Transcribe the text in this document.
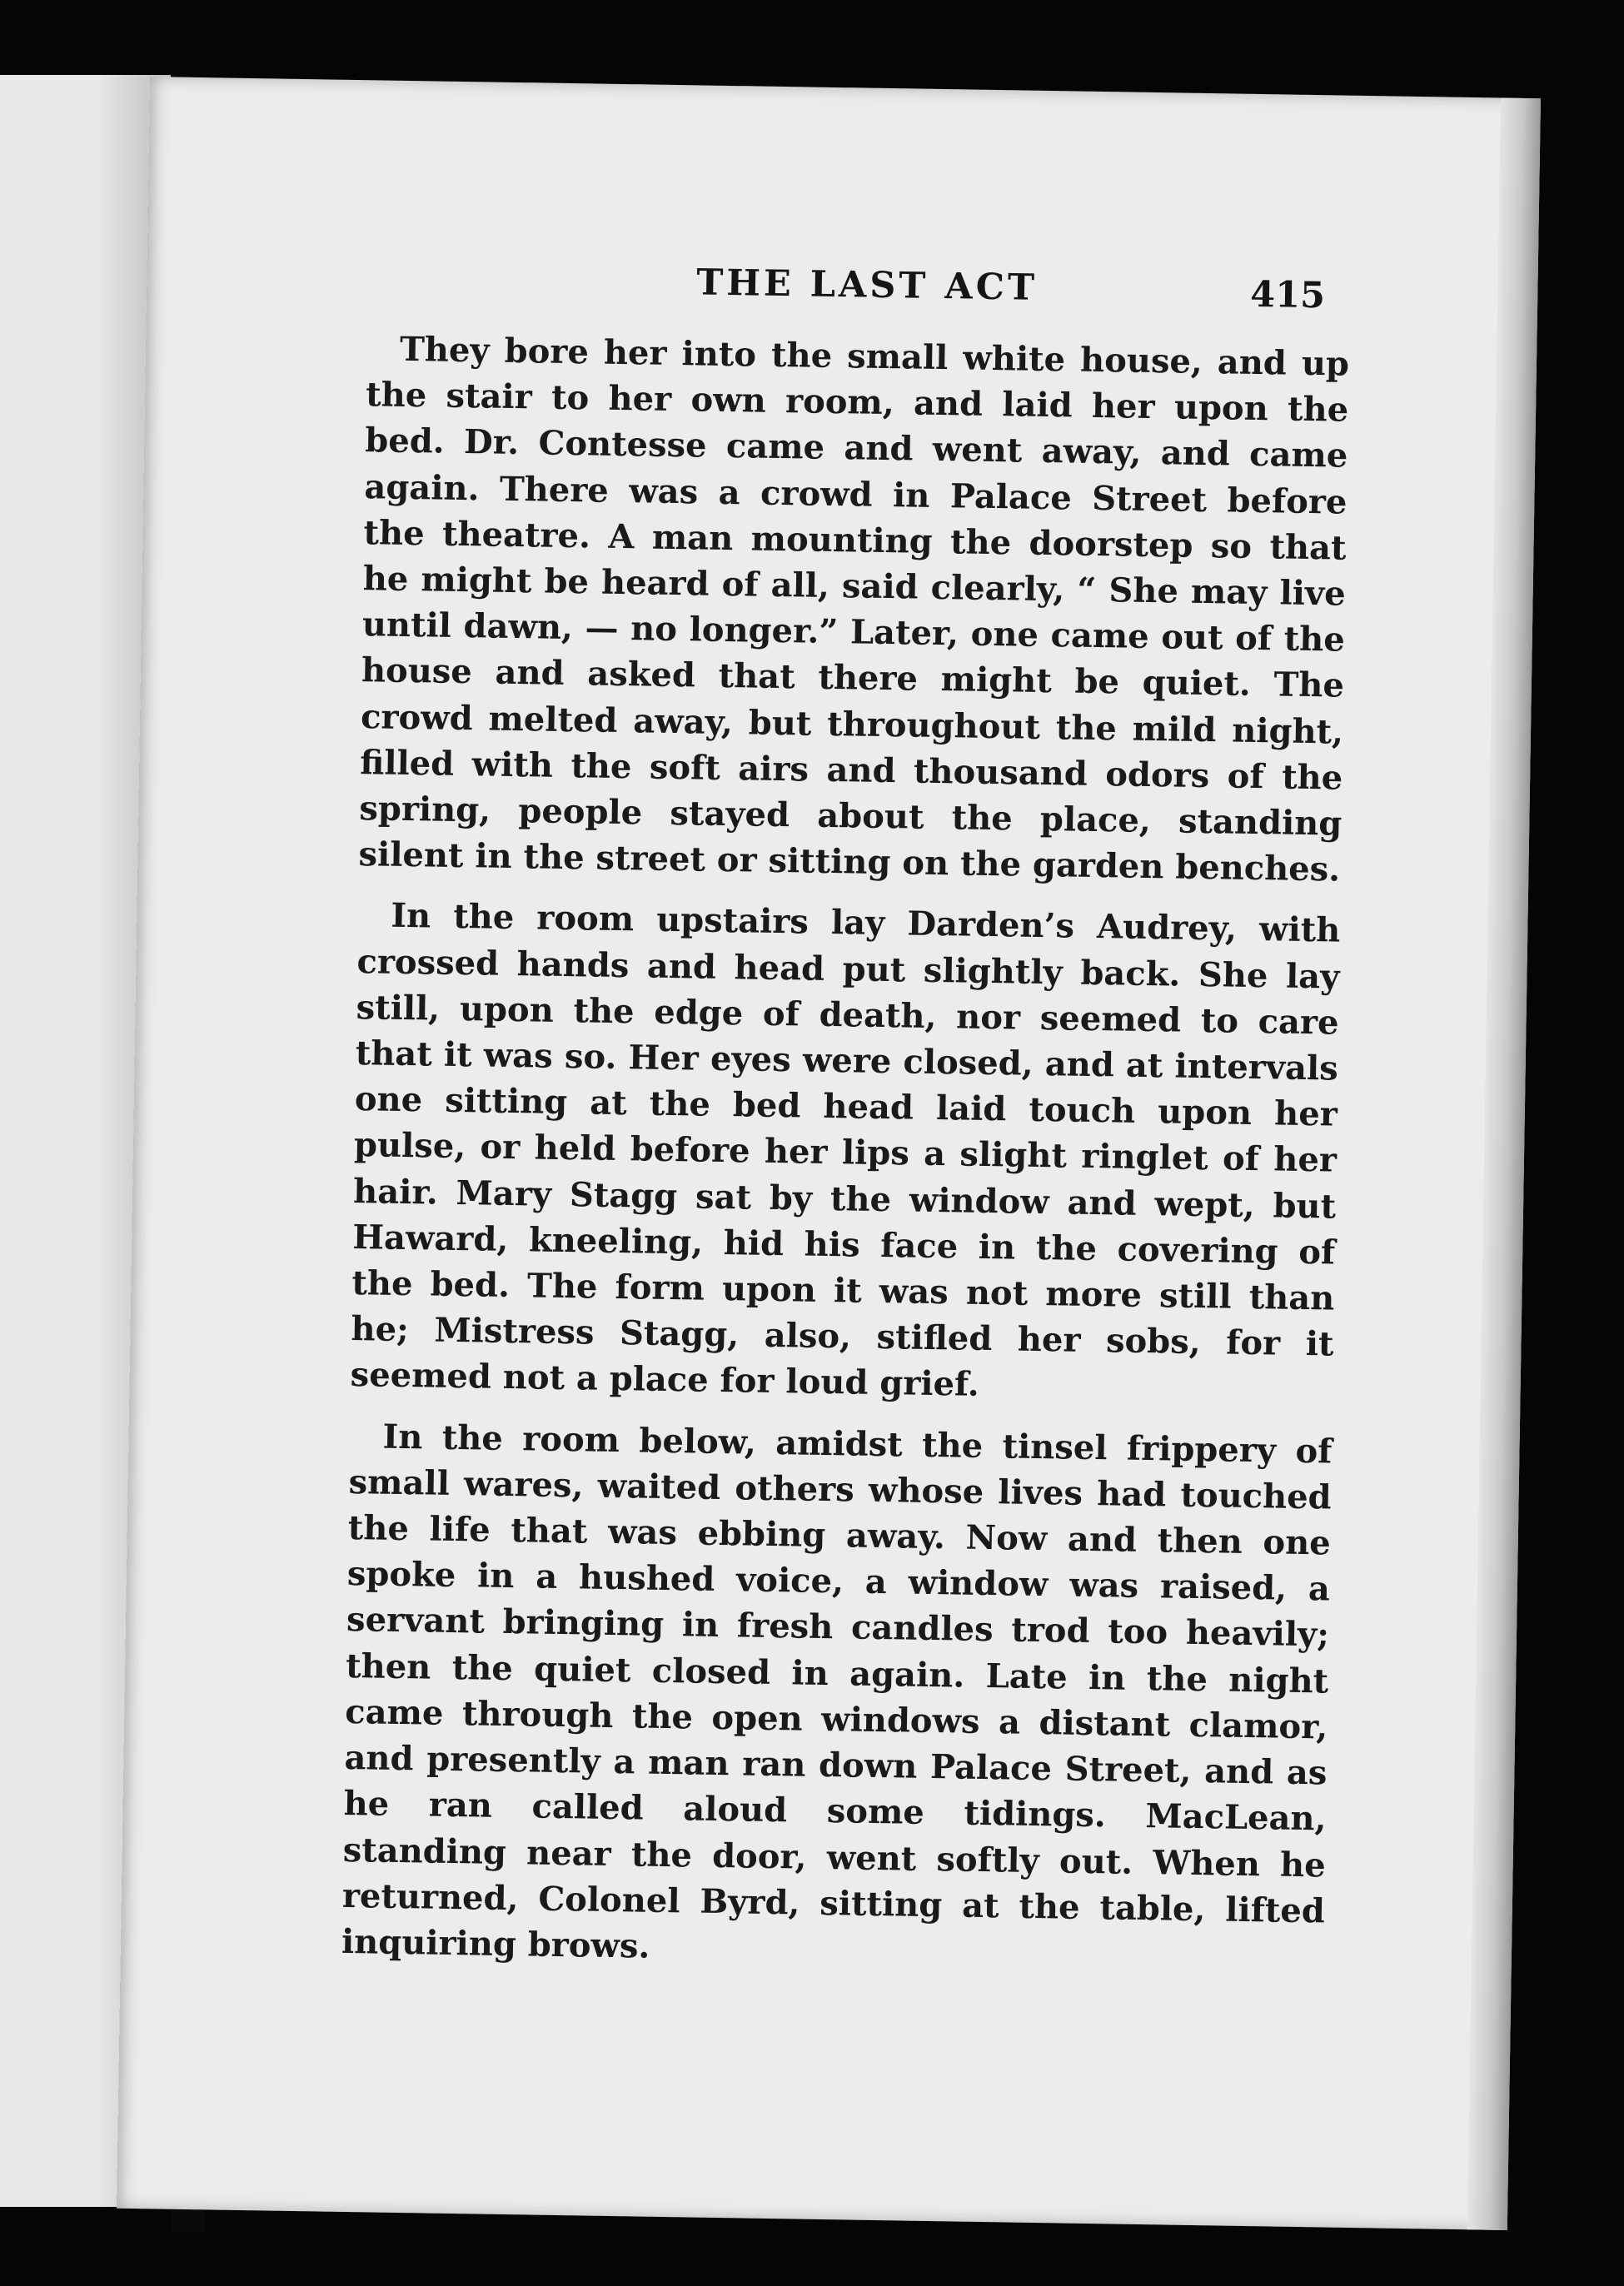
THE LAST ACT	415

They bore her into the small white house, and up the stair to her own room, and laid her upon the bed. Dr. Contesse came and went away, and came again. There was a crowd in Palace Street before the theatre. A man mounting the doorstep so that he might be heard of all, said clearly, “ She may live until dawn, — no longer.” Later, one came out of the house and asked that there might be quiet. The crowd melted away, but throughout the mild night, filled with the soft airs and thousand odors of the spring, people stayed about the place, standing silent in the street or sitting on the garden benches.

In the room upstairs lay Darden’s Audrey, with crossed hands and head put slightly back. She lay still, upon the edge of death, nor seemed to care that it was so. Her eyes were closed, and at intervals one sitting at the bed head laid touch upon her pulse, or held before her lips a slight ringlet of her hair. Mary Stagg sat by the window and wept, but Haward, kneeling, hid his face in the covering of the bed. The form upon it was not more still than he; Mistress Stagg, also, stifled her sobs, for it seemed not a place for loud grief.

In the room below, amidst the tinsel frippery of small wares, waited others whose lives had touched the life that was ebbing away. Now and then one spoke in a hushed voice, a window was raised, a servant bringing in fresh candles trod too heavily; then the quiet closed in again. Late in the night came through the open windows a distant clamor, and presently a man ran down Palace Street, and as he ran called aloud some tidings. MacLean, standing near the door, went softly out. When he returned, Colonel Byrd, sitting at the table, lifted inquiring brows.
